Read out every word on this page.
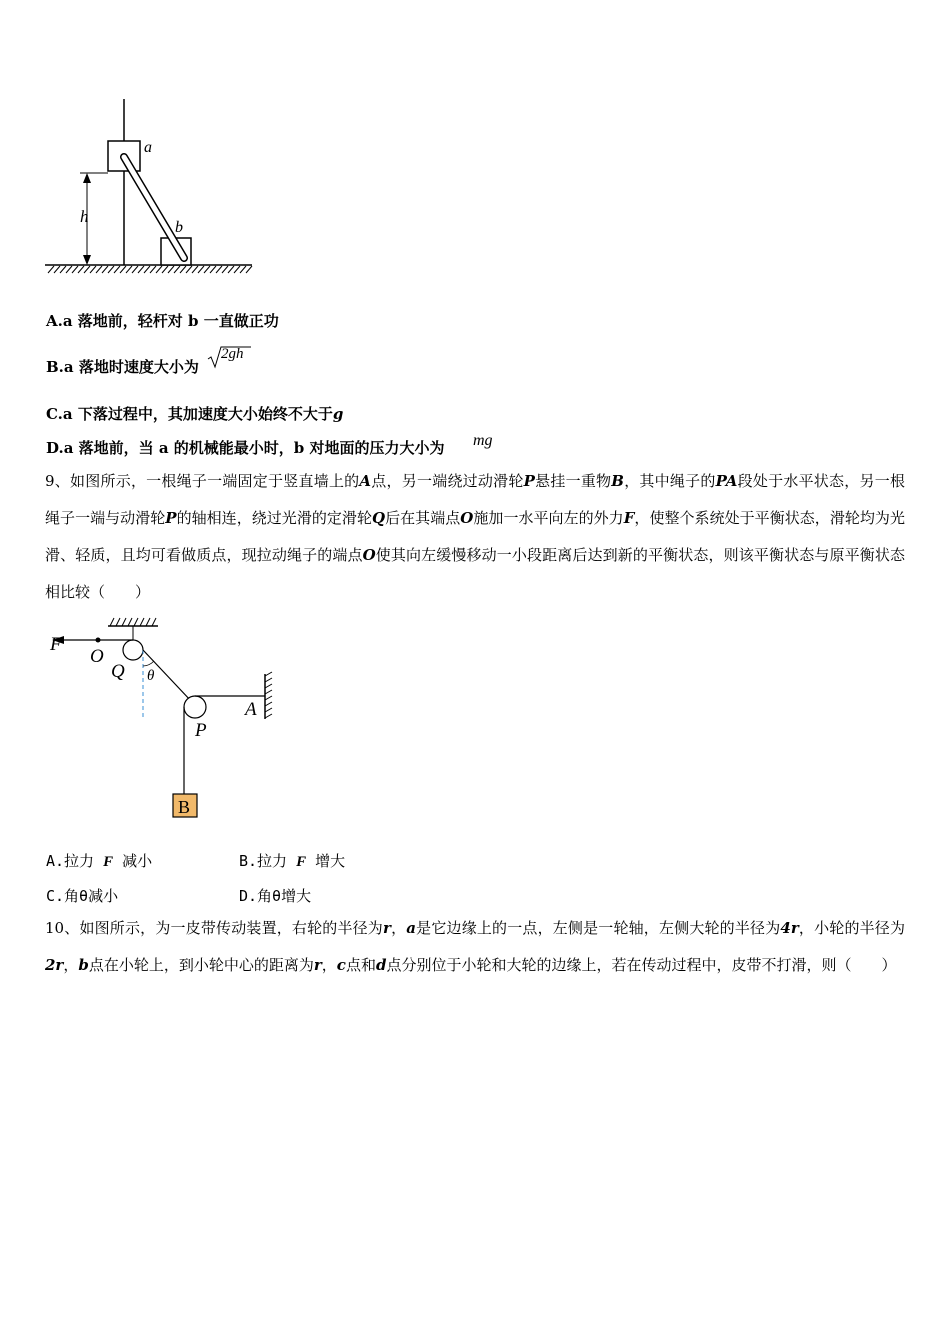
a
b
h
A.a 落地前，轻杆对 b 一直做正功
B.a 落地时速度大小为
2gh
C.a 下落过程中，其加速度大小始终不大于g
D.a 落地前，当 a 的机械能最小时，b 对地面的压力大小为 mg
9、如图所示，一根绳子一端固定于竖直墙上的A点，另一端绕过动滑轮P悬挂一重物B，其中绳子的PA段处于水平状态，另一根绳子一端与动滑轮P的轴相连，绕过光滑的定滑轮Q后在其端点O施加一水平向左的外力F，使整个系统处于平衡状态，滑轮均为光滑、轻质，且均可看做质点，现拉动绳子的端点O使其向左缓慢移动一小段距离后达到新的平衡状态，则该平衡状态与原平衡状态相比较（　　）
F
O
Q θ
P
A
B
A.拉力 F 减小	B.拉力 F 增大
C.角θ减小	D.角θ增大
10、如图所示，为一皮带传动装置，右轮的半径为r，a是它边缘上的一点，左侧是一轮轴，左侧大轮的半径为4r，小轮的半径为2r，b点在小轮上，到小轮中心的距离为r，c点和d点分别位于小轮和大轮的边缘上，若在传动过程中，皮带不打滑，则（　　）
